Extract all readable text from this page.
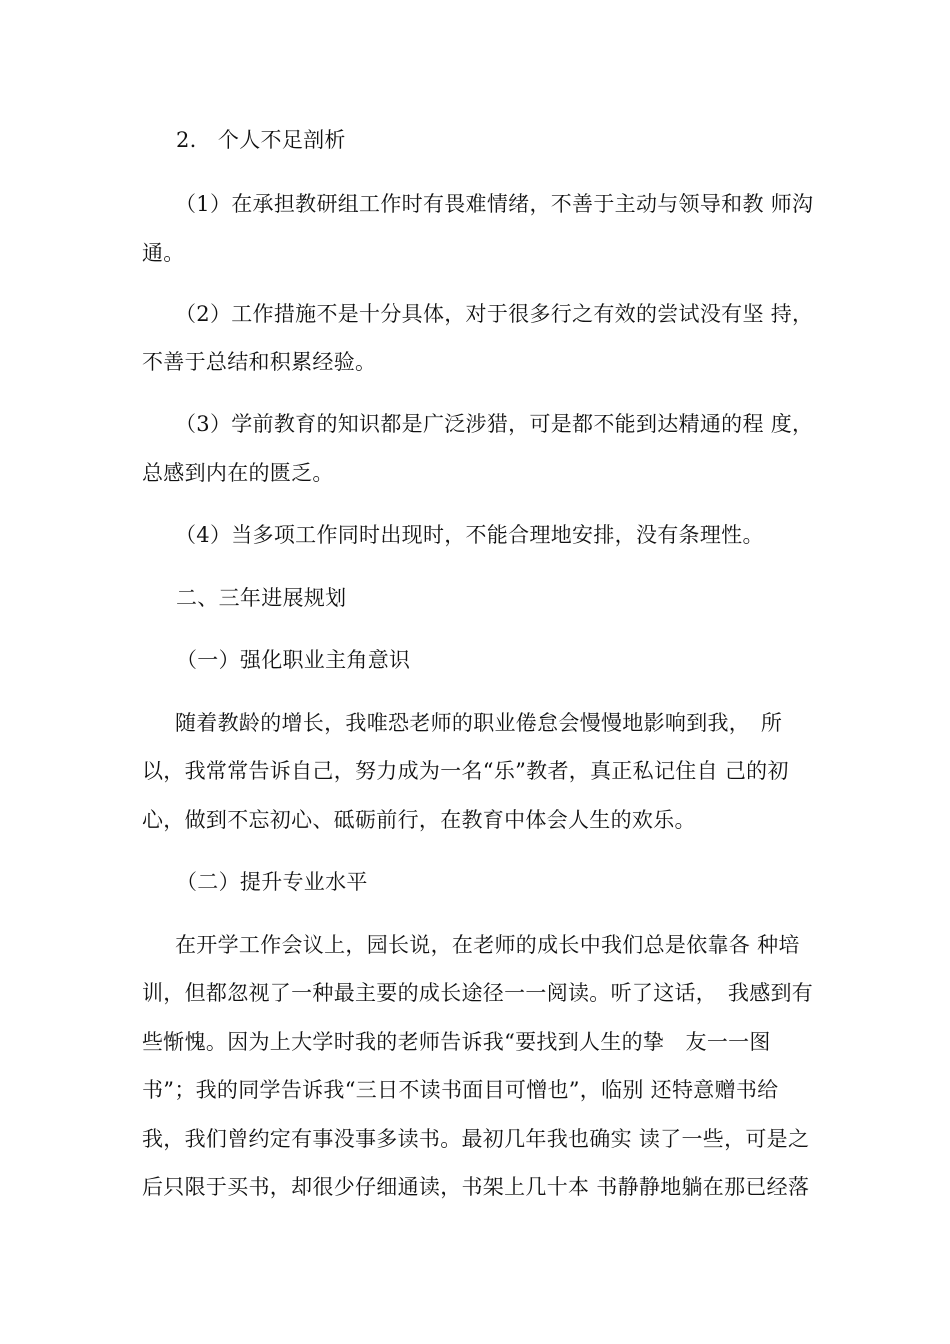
2.　个人不足剖析
（1）在承担教研组工作时有畏难情绪，不善于主动与领导和教 师沟
通。
（2）工作措施不是十分具体，对于很多行之有效的尝试没有坚 持，
不善于总结和积累经验。
（3）学前教育的知识都是广泛涉猎，可是都不能到达精通的程 度，
总感到内在的匮乏。
（4）当多项工作同时出现时，不能合理地安排，没有条理性。
二、三年进展规划
（一）强化职业主角意识
随着教龄的增长，我唯恐老师的职业倦怠会慢慢地影响到我，　所
以，我常常告诉自己，努力成为一名“乐”教者，真正私记住自 己的初
心，做到不忘初心、砥砺前行，在教育中体会人生的欢乐。
（二）提升专业水平
在开学工作会议上，园长说，在老师的成长中我们总是依靠各 种培
训，但都忽视了一种最主要的成长途径一一阅读。听了这话，　我感到有
些惭愧。因为上大学时我的老师告诉我“要找到人生的挚　友一一图
书”；我的同学告诉我“三日不读书面目可憎也”，临别 还特意赠书给
我，我们曾约定有事没事多读书。最初几年我也确实 读了一些，可是之
后只限于买书，却很少仔细通读，书架上几十本 书静静地躺在那已经落
